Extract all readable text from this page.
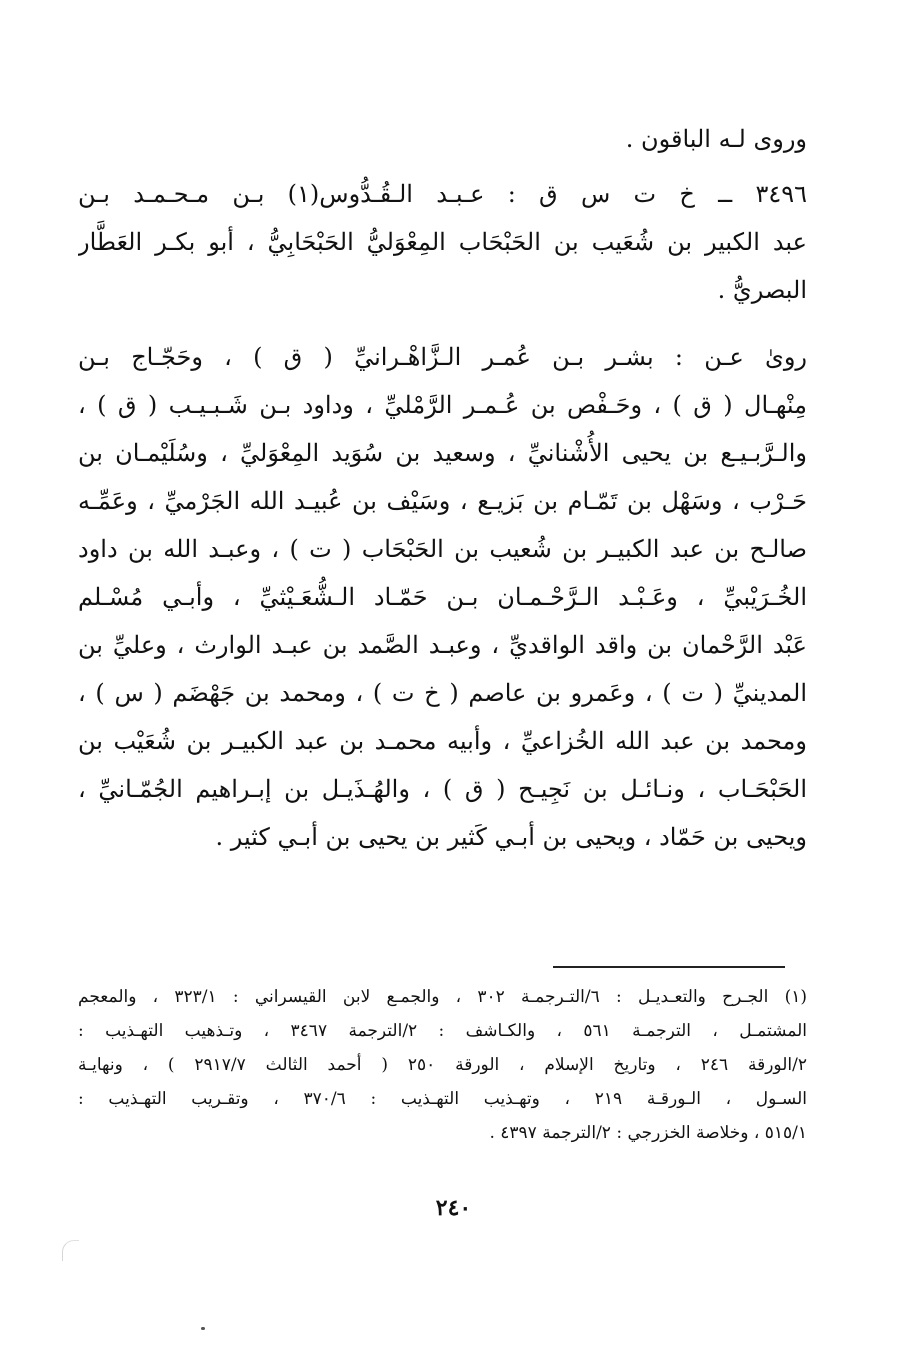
وروى لـه الباقون .
٣٤٩٦ ــ خ ت س ق : عـبـد الـقُـدُّوس(١) بـن مـحـمـد بـن
عبد الكبير بن شُعَيب بن الحَبْحَاب المِعْوَليُّ الحَبْحَابِيُّ ، أبو بكـر العَطَّار
البصريُّ .
روىٰ عـن : بشـر بـن عُمـر الـزَّاهْـرانيِّ ( ق ) ، وحَجّـاج بـن
مِنْهـال ( ق ) ، وحَـفْص بن عُـمـر الرَّمْليِّ ، وداود بـن شَـبـيـب ( ق ) ،
والـرَّبـيـع بن يحيى الأُشْنانيِّ ، وسعيد بن سُوَيد المِعْوَليِّ ، وسُلَيْمـان بن
حَـرْب ، وسَهْل بن تَمّـام بن بَزيـع ، وسَيْف بن عُبيـد الله الجَرْميِّ ، وعَمِّـه
صالـح بن عبد الكبيـر بن شُعيب بن الحَبْحَاب ( ت ) ، وعبـد الله بن داود
الخُـرَيْبيِّ ، وعَـبْـد الـرَّحْـمـان بـن حَمّـاد الـشُّعَـيْثيِّ ، وأبـي مُسْـلم
عَبْد الرَّحْمان بن واقد الواقديِّ ، وعبـد الصَّمد بن عبـد الوارث ، وعليِّ بن
المدينيِّ ( ت ) ، وعَمرو بن عاصم ( خ ت ) ، ومحمد بن جَهْضَم ( س ) ،
ومحمد بن عبد الله الخُزاعيِّ ، وأبيه محمـد بن عبد الكبيـر بن شُعَيْب بن
الحَبْحَـاب ، ونـائـل بن نَجِيـح ( ق ) ، والهُـذَيـل بن إبـراهيم الجُمّـانيِّ ،
ويحيى بن حَمّاد ، ويحيى بن أبـي كَثير بن يحيى بن أبـي كثير .
(١) الجـرح والتعـديـل : ٦/التـرجمـة ٣٠٢ ، والجمـع لابن القيسراني : ٣٢٣/١ ، والمعجم
المشتمـل ، الترجمـة ٥٦١ ، والكـاشف : ٢/الترجمة ٣٤٦٧ ، وتـذهيب التهـذيب :
٢/الورقة ٢٤٦ ، وتاريخ الإسلام ، الورقة ٢٥٠ ( أحمد الثالث ٢٩١٧/٧ ) ، ونهايـة
السـول ، الـورقـة ٢١٩ ، وتهـذيب التهـذيب : ٣٧٠/٦ ، وتقـريب التهـذيب :
٥١٥/١ ، وخلاصة الخزرجي : ٢/الترجمة ٤٣٩٧ .
٢٤٠
